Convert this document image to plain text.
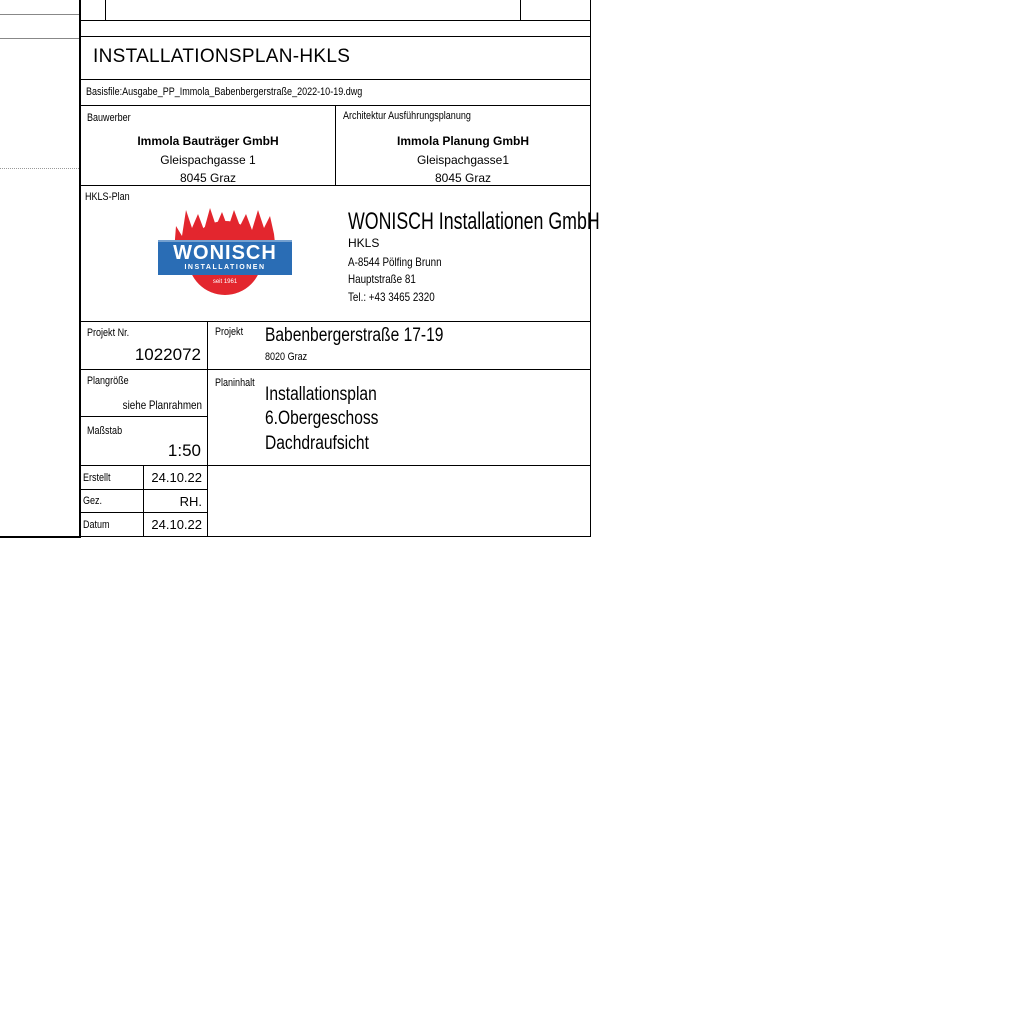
INSTALLATIONSPLAN-HKLS
Basisfile:Ausgabe_PP_Immola_Babenbergerstraße_2022-10-19.dwg
Bauwerber
Immola Bauträger GmbH
Gleispachgasse 1
8045 Graz
Architektur Ausführungsplanung
Immola Planung GmbH
Gleispachgasse1
8045 Graz
HKLS-Plan
WONISCH
INSTALLATIONEN
seit 1961
WONISCH Installationen GmbH
HKLS
A-8544 Pölfing Brunn
Hauptstraße 81
Tel.: +43 3465 2320
Projekt Nr.
1022072
Projekt Babenbergerstraße 17-19
8020 Graz
Plangröße
siehe Planrahmen
Planinhalt
Installationsplan
6.Obergeschoss
Dachdraufsicht
Maßstab
1:50
Erstellt	24.10.22
Gez.	RH.
Datum	24.10.22
